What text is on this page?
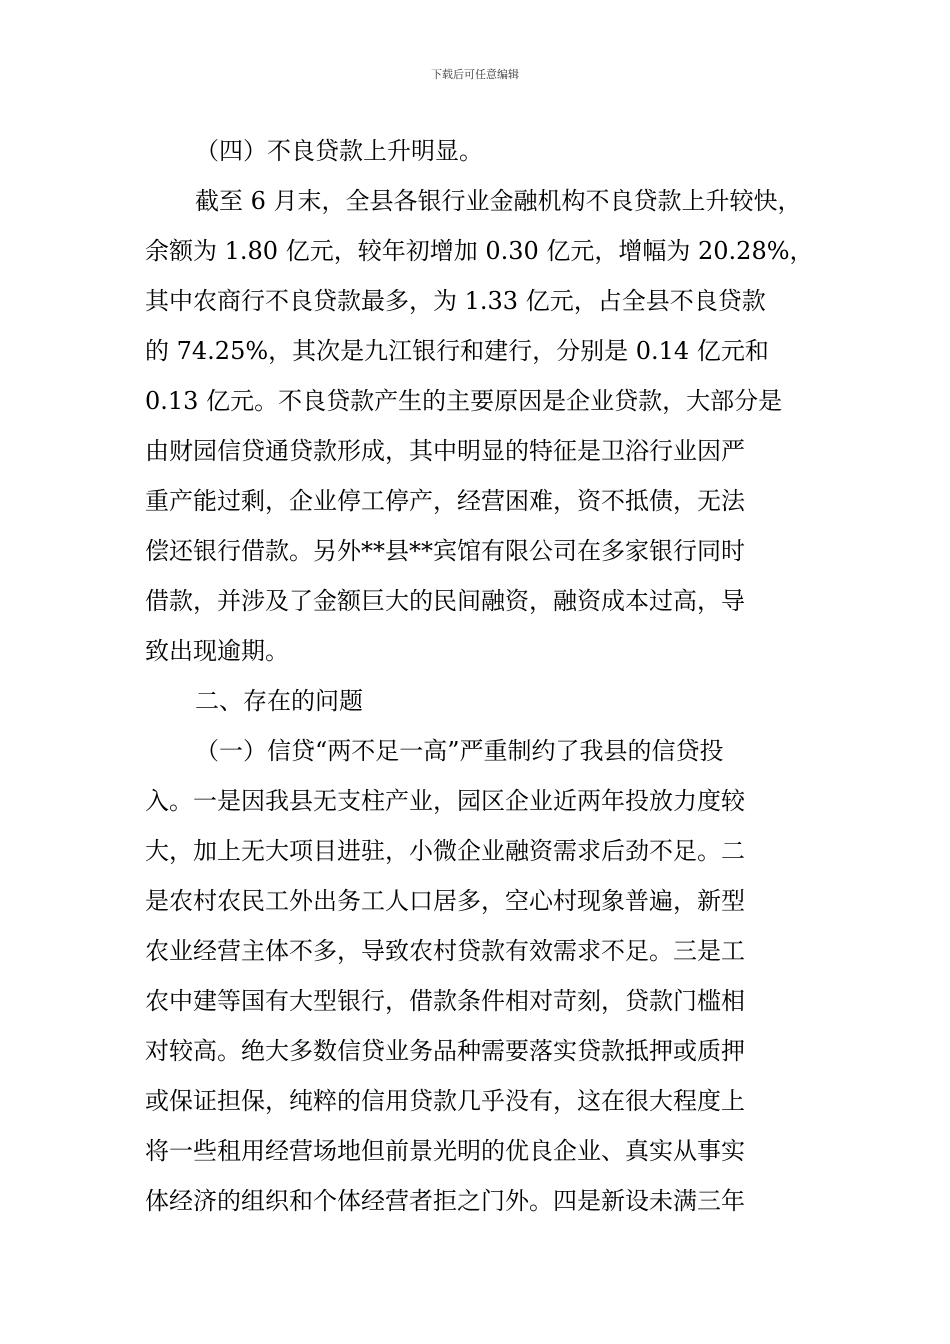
下载后可任意编辑
（四）不良贷款上升明显。
截至 6 月末，全县各银行业金融机构不良贷款上升较快，
余额为 1.80 亿元，较年初增加 0.30 亿元，增幅为 20.28%，
其中农商行不良贷款最多，为 1.33 亿元，占全县不良贷款
的 74.25%，其次是九江银行和建行，分别是 0.14 亿元和
0.13 亿元。不良贷款产生的主要原因是企业贷款，大部分是
由财园信贷通贷款形成，其中明显的特征是卫浴行业因严
重产能过剩，企业停工停产，经营困难，资不抵债，无法
偿还银行借款。另外**县**宾馆有限公司在多家银行同时
借款，并涉及了金额巨大的民间融资，融资成本过高，导
致出现逾期。
二、存在的问题
（一）信贷“两不足一高”严重制约了我县的信贷投
入。一是因我县无支柱产业，园区企业近两年投放力度较
大，加上无大项目进驻，小微企业融资需求后劲不足。二
是农村农民工外出务工人口居多，空心村现象普遍，新型
农业经营主体不多，导致农村贷款有效需求不足。三是工
农中建等国有大型银行，借款条件相对苛刻，贷款门槛相
对较高。绝大多数信贷业务品种需要落实贷款抵押或质押
或保证担保，纯粹的信用贷款几乎没有，这在很大程度上
将一些租用经营场地但前景光明的优良企业、真实从事实
体经济的组织和个体经营者拒之门外。四是新设未满三年
